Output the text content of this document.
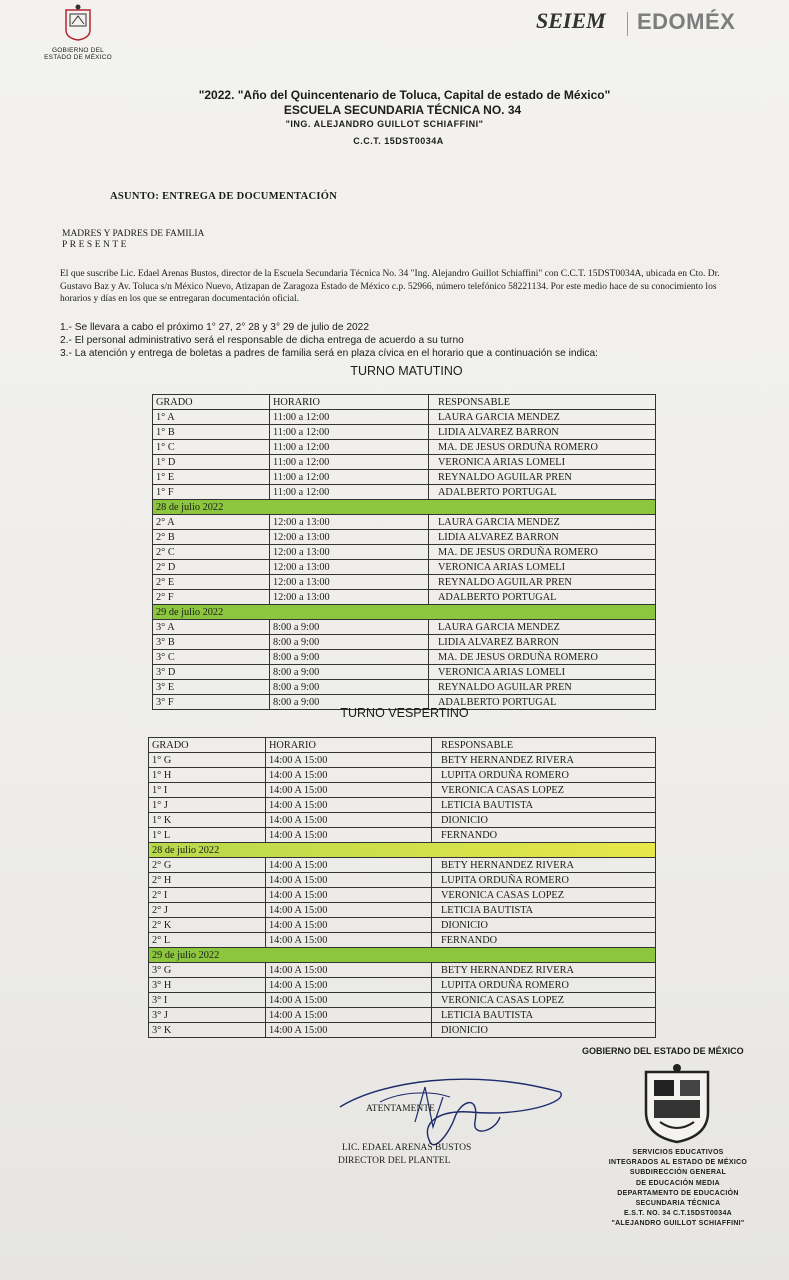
GOBIERNO DEL
ESTADO DE MÉXICO
SEIEM EDOMÉX
"2022. "Año del Quincentenario de Toluca, Capital de estado de México"
ESCUELA SECUNDARIA TÉCNICA NO. 34
"ING. ALEJANDRO GUILLOT SCHIAFFINI"
C.C.T. 15DST0034A
ASUNTO: ENTREGA DE DOCUMENTACIÓN
MADRES Y PADRES DE FAMILIA
PRESENTE
El que suscribe Lic. Edael Arenas Bustos, director de la Escuela Secundaria Técnica No. 34 "Ing. Alejandro Guillot Schiaffini" con C.C.T. 15DST0034A, ubicada en Cto. Dr. Gustavo Baz y Av. Toluca s/n México Nuevo, Atizapan de Zaragoza Estado de México c.p. 52966, número telefónico 58221134. Por este medio hace de su conocimiento los horarios y días en los que se entregaran documentación oficial.
1.- Se llevara a cabo el próximo 1° 27, 2° 28 y 3° 29 de julio de 2022
2.- El personal administrativo será el responsable de dicha entrega de acuerdo a su turno
3.- La atención y entrega de boletas a padres de familia será en plaza cívica en el horario que a continuación se indica:
TURNO MATUTINO
GRADO	HORARIO	RESPONSABLE
1° A	11:00 a 12:00	LAURA GARCIA MENDEZ
1° B	11:00 a 12:00	LIDIA ALVAREZ BARRON
1° C	11:00 a 12:00	MA. DE JESUS ORDUÑA ROMERO
1° D	11:00 a 12:00	VERONICA ARIAS LOMELI
1° E	11:00 a 12:00	REYNALDO AGUILAR PREN
1° F	11:00 a 12:00	ADALBERTO PORTUGAL
28 de julio 2022		
2° A	12:00 a 13:00	LAURA GARCIA MENDEZ
2° B	12:00 a 13:00	LIDIA ALVAREZ BARRON
2° C	12:00 a 13:00	MA. DE JESUS ORDUÑA ROMERO
2° D	12:00 a 13:00	VERONICA ARIAS LOMELI
2° E	12:00 a 13:00	REYNALDO AGUILAR PREN
2° F	12:00 a 13:00	ADALBERTO PORTUGAL
29 de julio 2022		
3° A	8:00 a 9:00	LAURA GARCIA MENDEZ
3° B	8:00 a 9:00	LIDIA ALVAREZ BARRON
3° C	8:00 a 9:00	MA. DE JESUS ORDUÑA ROMERO
3° D	8:00 a 9:00	VERONICA ARIAS LOMELI
3° E	8:00 a 9:00	REYNALDO AGUILAR PREN
3° F	8:00 a 9:00	ADALBERTO PORTUGAL
TURNO VESPERTINO
GRADO	HORARIO	RESPONSABLE
1° G	14:00 A 15:00	BETY HERNANDEZ RIVERA
1° H	14:00 A 15:00	LUPITA ORDUÑA ROMERO
1° I	14:00 A 15:00	VERONICA CASAS LOPEZ
1° J	14:00 A 15:00	LETICIA BAUTISTA
1° K	14:00 A 15:00	DIONICIO
1° L	14:00 A 15:00	FERNANDO
28 de julio 2022		
2° G	14:00 A 15:00	BETY HERNANDEZ RIVERA
2° H	14:00 A 15:00	LUPITA ORDUÑA ROMERO
2° I	14:00 A 15:00	VERONICA CASAS LOPEZ
2° J	14:00 A 15:00	LETICIA BAUTISTA
2° K	14:00 A 15:00	DIONICIO
2° L	14:00 A 15:00	FERNANDO
29 de julio 2022		
3° G	14:00 A 15:00	BETY HERNANDEZ RIVERA
3° H	14:00 A 15:00	LUPITA ORDUÑA ROMERO
3° I	14:00 A 15:00	VERONICA CASAS LOPEZ
3° J	14:00 A 15:00	LETICIA BAUTISTA
3° K	14:00 A 15:00	DIONICIO
ATENTAMENTE
LIC. EDAEL ARENAS BUSTOS
DIRECTOR DEL PLANTEL
GOBIERNO DEL ESTADO DE MÉXICO
SERVICIOS EDUCATIVOS
INTEGRADOS AL ESTADO DE MÉXICO
SUBDIRECCIÓN GENERAL
DE EDUCACIÓN MEDIA
DEPARTAMENTO DE EDUCACIÓN
SECUNDARIA TÉCNICA
E.S.T. NO. 34 C.T.15DST0034A
"ALEJANDRO GUILLOT SCHIAFFINI"
